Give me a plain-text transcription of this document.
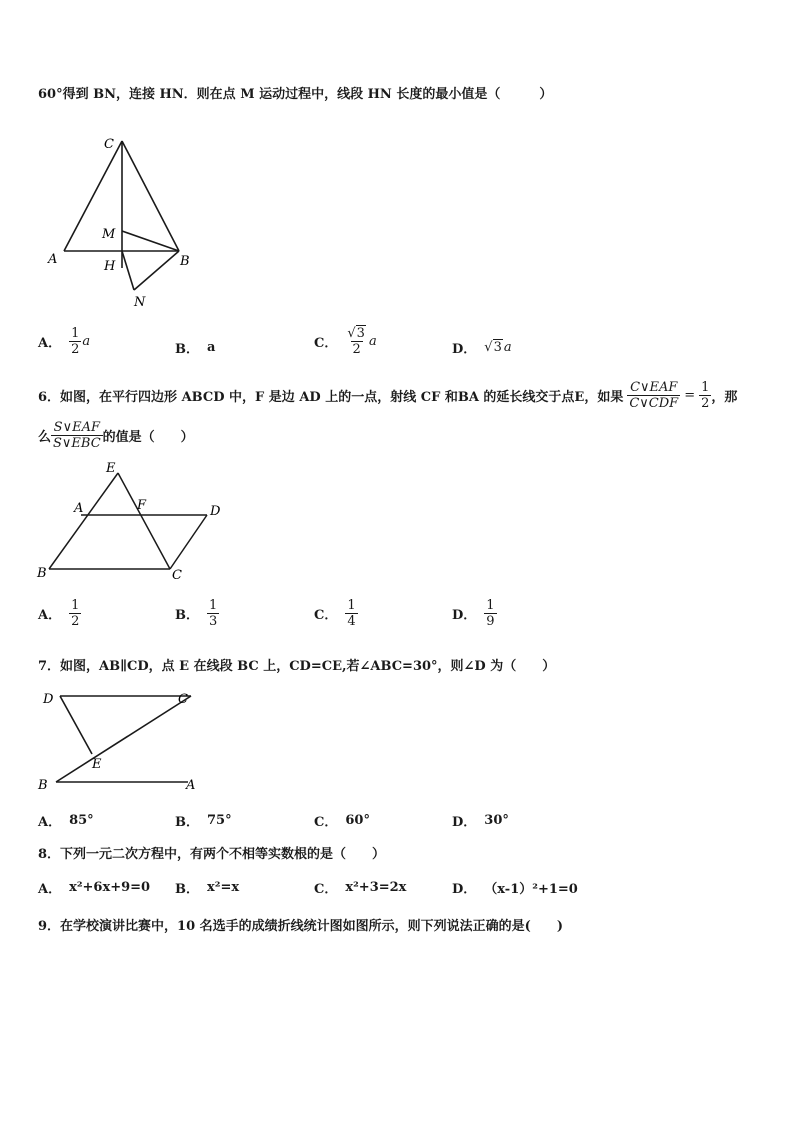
60°得到 BN，连接 HN．则在点 M 运动过程中，线段 HN 长度的最小值是（　　　）
C
M
A	H	B
N
A． $\frac{1}{2}$ a
B． a	C． $\frac{√3}{2}$ a
D． √3 a
6．如图，在平行四边形 ABCD 中，F 是边 AD 上的一点，射线 CF 和BA 的延长线交于点E，如果 $\frac{\text{C∨EAF}}{\text{C∨CDF}} = \frac{1}{2}$ ，那
么 $\frac{\text{S∨EAF}}{\text{S∨EBC}}$ 的值是（　　）
E
A	F	D
B	C
A． $\frac{1}{2}$	B． $\frac{1}{3}$	C． $\frac{1}{4}$	D． $\frac{1}{9}$
7．如图，AB∥CD，点 E 在线段 BC 上，CD=CE,若∠ABC=30°，则∠D 为（　　）
D	C
E
B	A
A． 85°	B． 75°	C． 60°	D． 30°
8．下列一元二次方程中，有两个不相等实数根的是（　　）
A． x²+6x+9=0 B． x²=x	C． x²+3=2x	D． （x-1）²+1=0
9．在学校演讲比赛中，10 名选手的成绩折线统计图如图所示，则下列说法正确的是(　　)
